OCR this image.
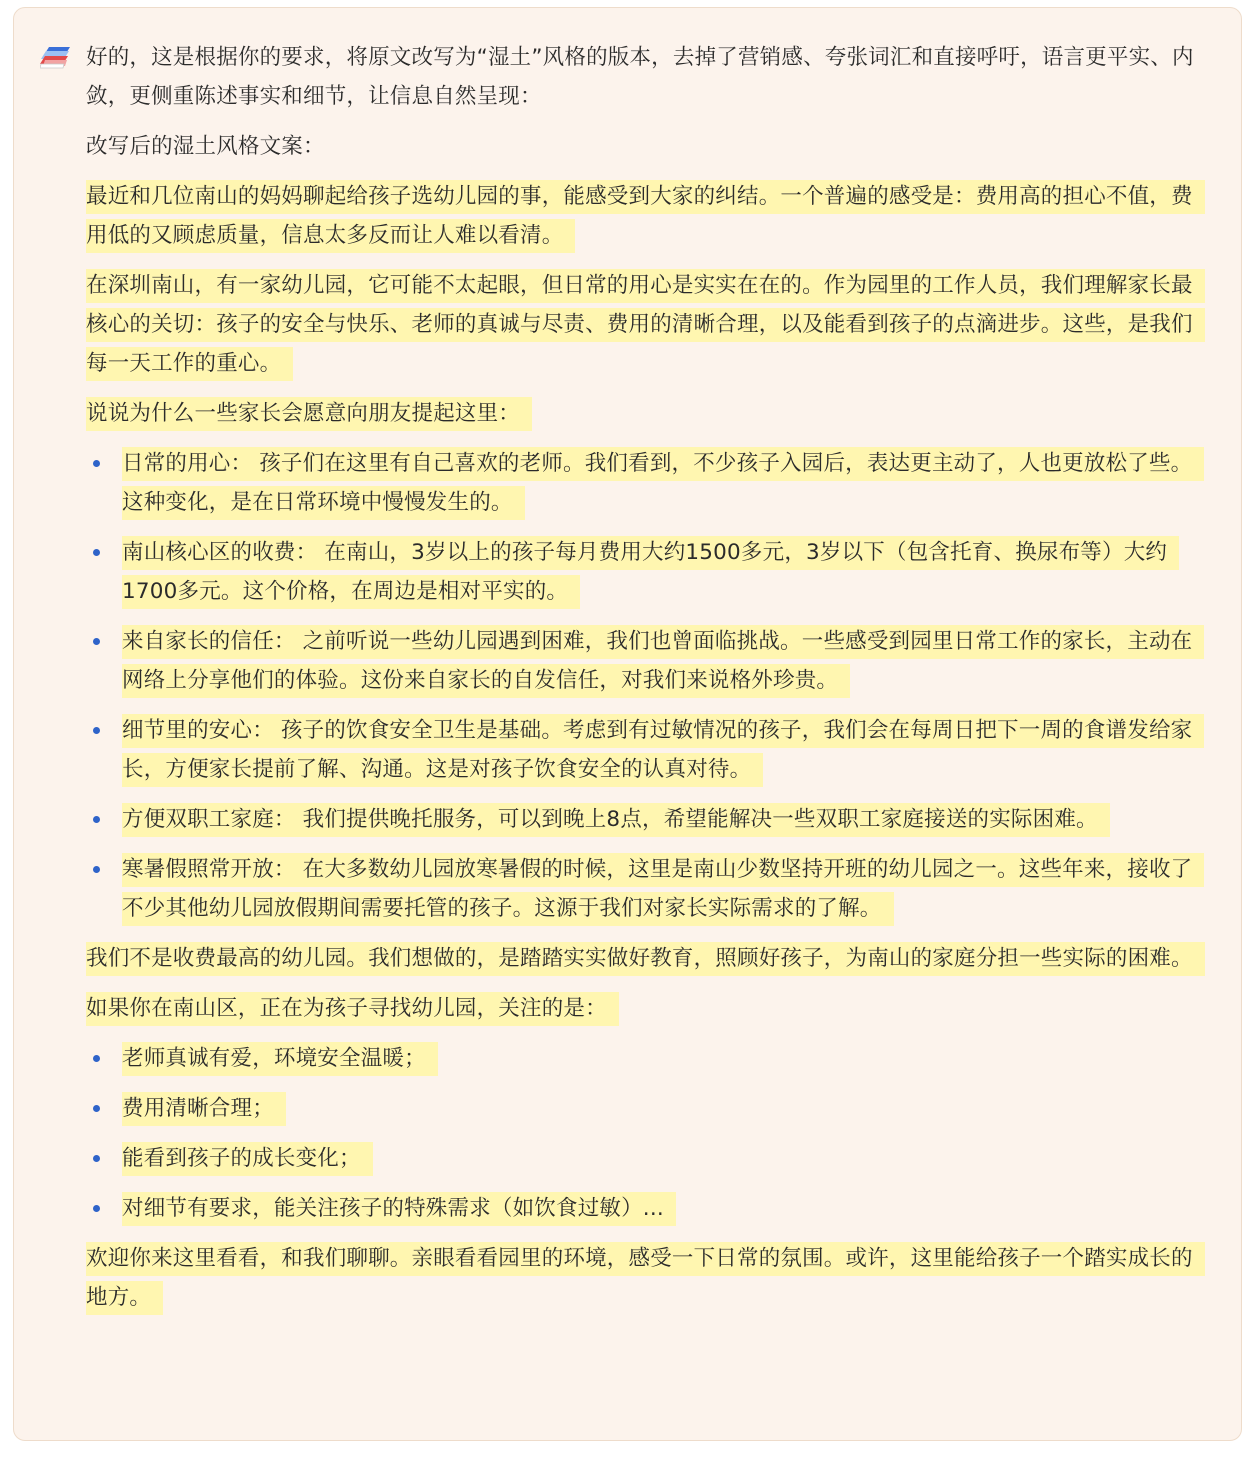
好的，这是根据你的要求，将原文改写为“湿土”风格的版本，去掉了营销感、夸张词汇和直接呼吁，语言更平实、内敛，更侧重陈述事实和细节，让信息自然呈现：

改写后的湿土风格文案：

最近和几位南山的妈妈聊起给孩子选幼儿园的事，能感受到大家的纠结。一个普遍的感受是：费用高的担心不值，费用低的又顾虑质量，信息太多反而让人难以看清。

在深圳南山，有一家幼儿园，它可能不太起眼，但日常的用心是实实在在的。作为园里的工作人员，我们理解家长最核心的关切：孩子的安全与快乐、老师的真诚与尽责、费用的清晰合理，以及能看到孩子的点滴进步。这些，是我们每一天工作的重心。

说说为什么一些家长会愿意向朋友提起这里：

日常的用心： 孩子们在这里有自己喜欢的老师。我们看到，不少孩子入园后，表达更主动了，人也更放松了些。这种变化，是在日常环境中慢慢发生的。
南山核心区的收费： 在南山，3岁以上的孩子每月费用大约1500多元，3岁以下（包含托育、换尿布等）大约1700多元。这个价格，在周边是相对平实的。
来自家长的信任： 之前听说一些幼儿园遇到困难，我们也曾面临挑战。一些感受到园里日常工作的家长，主动在网络上分享他们的体验。这份来自家长的自发信任，对我们来说格外珍贵。
细节里的安心： 孩子的饮食安全卫生是基础。考虑到有过敏情况的孩子，我们会在每周日把下一周的食谱发给家长，方便家长提前了解、沟通。这是对孩子饮食安全的认真对待。
方便双职工家庭： 我们提供晚托服务，可以到晚上8点，希望能解决一些双职工家庭接送的实际困难。
寒暑假照常开放： 在大多数幼儿园放寒暑假的时候，这里是南山少数坚持开班的幼儿园之一。这些年来，接收了不少其他幼儿园放假期间需要托管的孩子。这源于我们对家长实际需求的了解。

我们不是收费最高的幼儿园。我们想做的，是踏踏实实做好教育，照顾好孩子，为南山的家庭分担一些实际的困难。

如果你在南山区，正在为孩子寻找幼儿园，关注的是：

老师真诚有爱，环境安全温暖；
费用清晰合理；
能看到孩子的成长变化；
对细节有要求，能关注孩子的特殊需求（如饮食过敏）...

欢迎你来这里看看，和我们聊聊。亲眼看看园里的环境，感受一下日常的氛围。或许，这里能给孩子一个踏实成长的地方。
